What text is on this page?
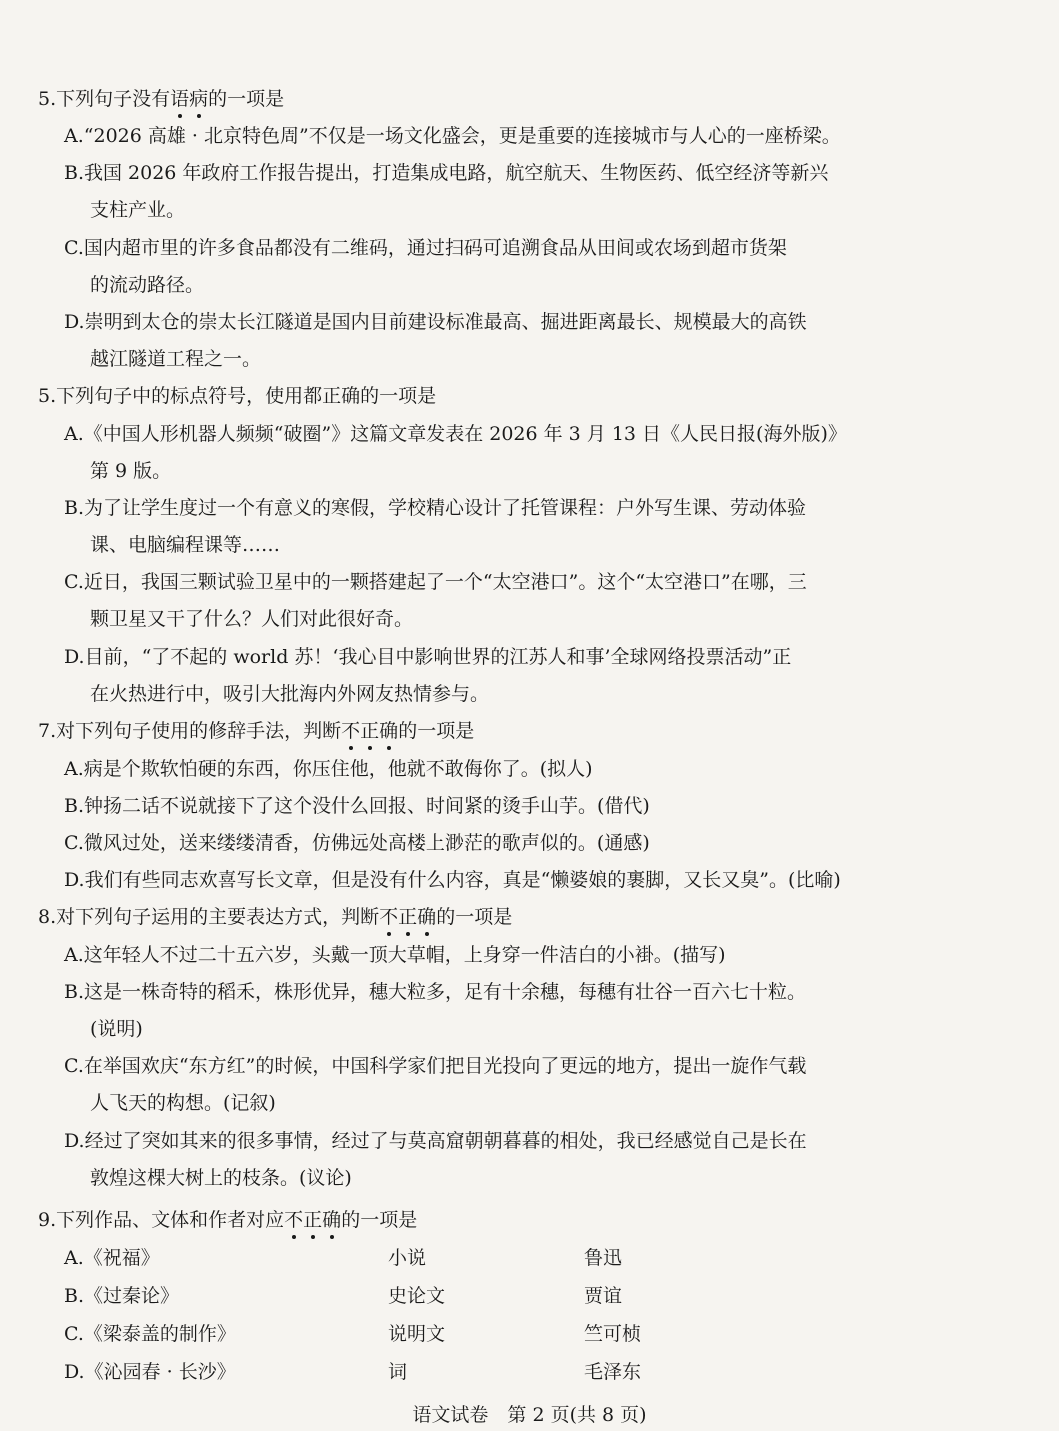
5.下列句子没有语病的一项是
A.“2026 高雄 · 北京特色周”不仅是一场文化盛会，更是重要的连接城市与人心的一座桥梁。
B.我国 2026 年政府工作报告提出，打造集成电路，航空航天、生物医药、低空经济等新兴
支柱产业。
C.国内超市里的许多食品都没有二维码，通过扫码可追溯食品从田间或农场到超市货架
的流动路径。
D.崇明到太仓的崇太长江隧道是国内目前建设标准最高、掘进距离最长、规模最大的高铁
越江隧道工程之一。
5.下列句子中的标点符号，使用都正确的一项是
A.《中国人形机器人频频“破圈”》这篇文章发表在 2026 年 3 月 13 日《人民日报(海外版)》
第 9 版。
B.为了让学生度过一个有意义的寒假，学校精心设计了托管课程：户外写生课、劳动体验
课、电脑编程课等……
C.近日，我国三颗试验卫星中的一颗搭建起了一个“太空港口”。这个“太空港口”在哪，三
颗卫星又干了什么？人们对此很好奇。
D.目前，“了不起的 world 苏！‘我心目中影响世界的江苏人和事’全球网络投票活动”正
在火热进行中，吸引大批海内外网友热情参与。
7.对下列句子使用的修辞手法，判断不正确的一项是
A.病是个欺软怕硬的东西，你压住他，他就不敢侮你了。(拟人)
B.钟扬二话不说就接下了这个没什么回报、时间紧的烫手山芋。(借代)
C.微风过处，送来缕缕清香，仿佛远处高楼上渺茫的歌声似的。(通感)
D.我们有些同志欢喜写长文章，但是没有什么内容，真是“懒婆娘的裹脚，又长又臭”。(比喻)
8.对下列句子运用的主要表达方式，判断不正确的一项是
A.这年轻人不过二十五六岁，头戴一顶大草帽，上身穿一件洁白的小褂。(描写)
B.这是一株奇特的稻禾，株形优异，穗大粒多，足有十余穗，每穗有壮谷一百六七十粒。
(说明)
C.在举国欢庆“东方红”的时候，中国科学家们把目光投向了更远的地方，提出一旋作气载
人飞天的构想。(记叙)
D.经过了突如其来的很多事情，经过了与莫高窟朝朝暮暮的相处，我已经感觉自己是长在
敦煌这棵大树上的枝条。(议论)
9.下列作品、文体和作者对应不正确的一项是
A.《祝福》	小说	鲁迅
B.《过秦论》	史论文	贾谊
C.《梁泰盖的制作》	说明文	竺可桢
D.《沁园春 · 长沙》	词	毛泽东
语文试卷　第 2 页(共 8 页)
